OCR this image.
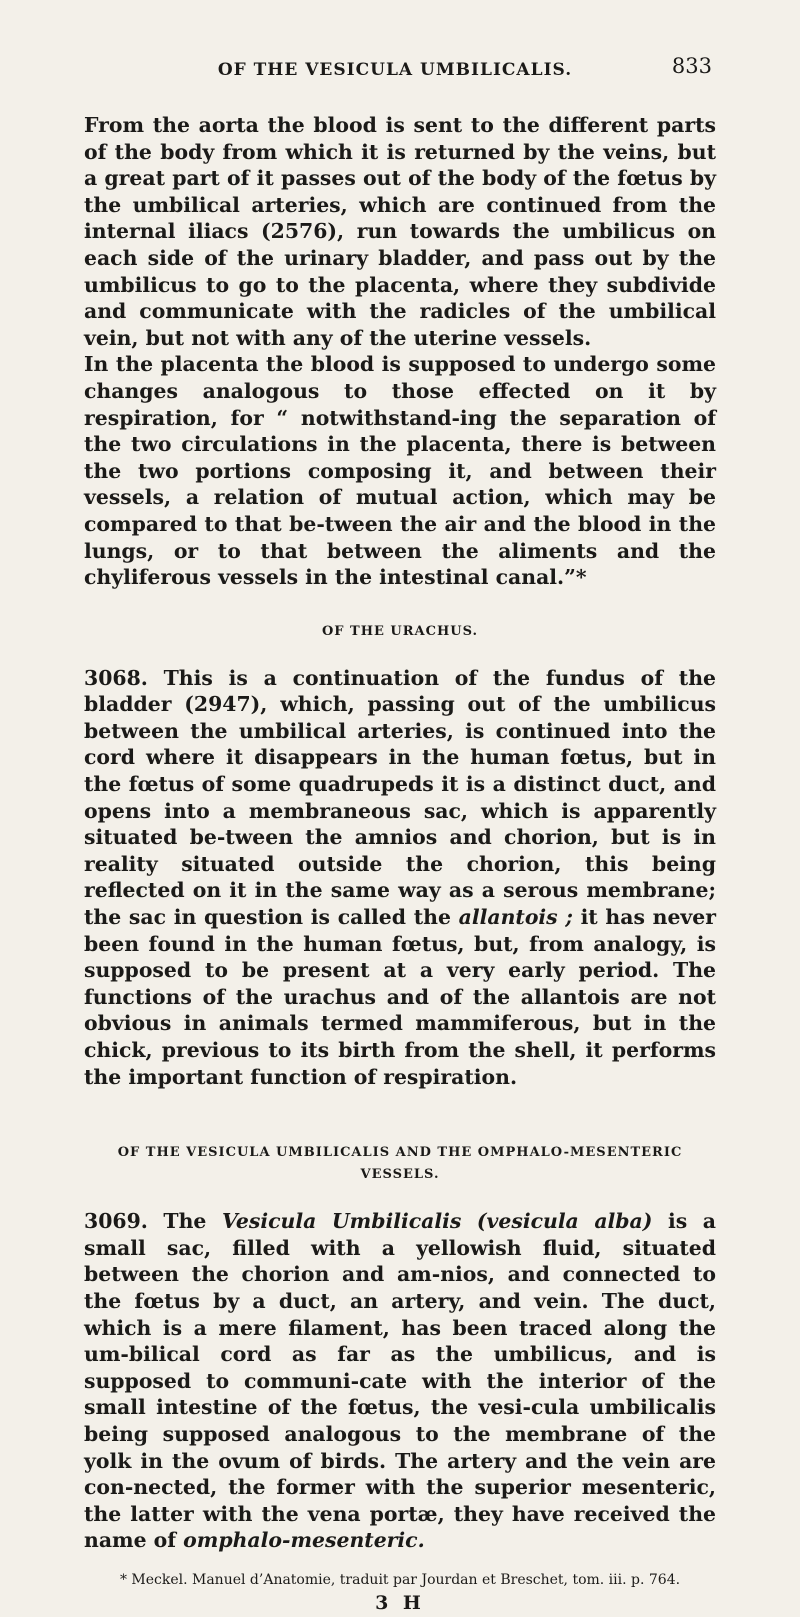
OF THE VESICULA UMBILICALIS.	833

From the aorta the blood is sent to the different parts of the body from which it is returned by the veins, but a great part of it passes out of the body of the fœtus by the umbilical arteries, which are continued from the internal iliacs (2576), run towards the umbilicus on each side of the urinary bladder, and pass out by the umbilicus to go to the placenta, where they subdivide and communicate with the radicles of the umbilical vein, but not with any of the uterine vessels.

In the placenta the blood is supposed to undergo some changes analogous to those effected on it by respiration, for “ notwithstand-ing the separation of the two circulations in the placenta, there is between the two portions composing it, and between their vessels, a relation of mutual action, which may be compared to that be-tween the air and the blood in the lungs, or to that between the aliments and the chyliferous vessels in the intestinal canal.”*

OF THE URACHUS.

3068. This is a continuation of the fundus of the bladder (2947), which, passing out of the umbilicus between the umbilical arteries, is continued into the cord where it disappears in the human fœtus, but in the fœtus of some quadrupeds it is a distinct duct, and opens into a membraneous sac, which is apparently situated be-tween the amnios and chorion, but is in reality situated outside the chorion, this being reflected on it in the same way as a serous membrane; the sac in question is called the allantois ; it has never been found in the human fœtus, but, from analogy, is supposed to be present at a very early period. The functions of the urachus and of the allantois are not obvious in animals termed mammiferous, but in the chick, previous to its birth from the shell, it performs the important function of respiration.

OF THE VESICULA UMBILICALIS AND THE OMPHALO-MESENTERIC VESSELS.

3069. The Vesicula Umbilicalis (vesicula alba) is a small sac, filled with a yellowish fluid, situated between the chorion and am-nios, and connected to the fœtus by a duct, an artery, and vein. The duct, which is a mere filament, has been traced along the um-bilical cord as far as the umbilicus, and is supposed to communi-cate with the interior of the small intestine of the fœtus, the vesi-cula umbilicalis being supposed analogous to the membrane of the yolk in the ovum of birds. The artery and the vein are con-nected, the former with the superior mesenteric, the latter with the vena portæ, they have received the name of omphalo-mesenteric.

* Meckel. Manuel d’Anatomie, traduit par Jourdan et Breschet, tom. iii. p. 764.
3 H
